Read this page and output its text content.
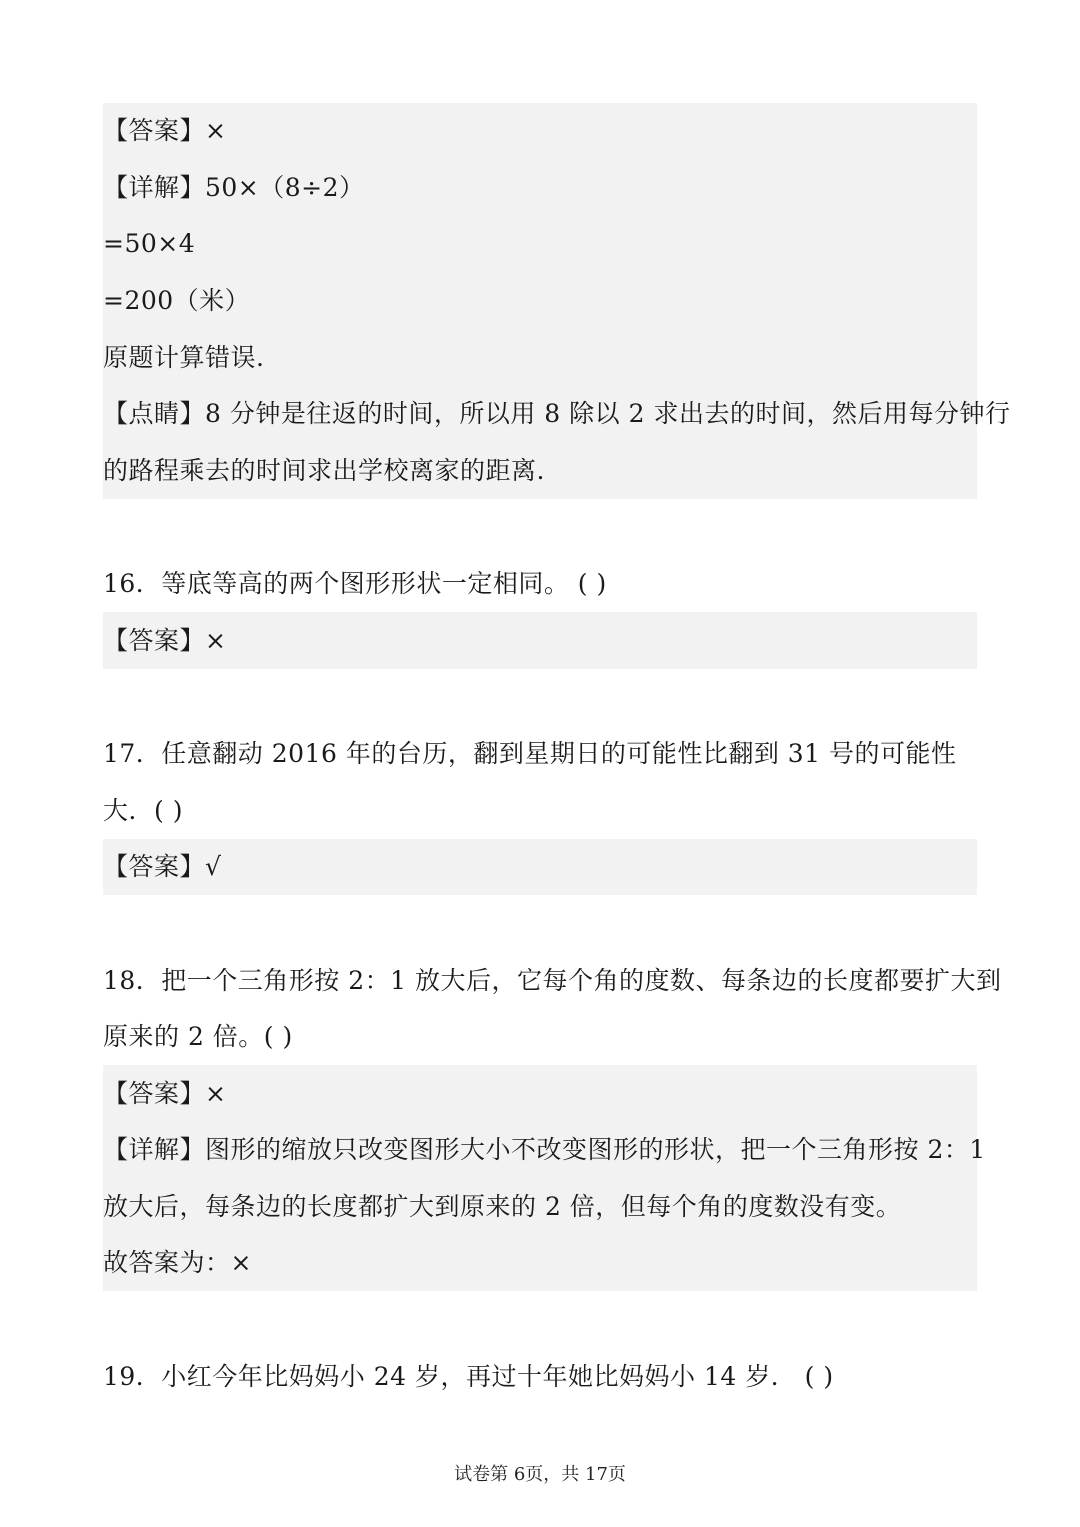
【答案】×
【详解】50×（8÷2）
=50×4
=200（米）
原题计算错误.
【点睛】8 分钟是往返的时间，所以用 8 除以 2 求出去的时间，然后用每分钟行
的路程乘去的时间求出学校离家的距离.
16．等底等高的两个图形形状一定相同。 ( )
【答案】×
17．任意翻动 2016 年的台历，翻到星期日的可能性比翻到 31 号的可能性
大．( )
【答案】√
18．把一个三角形按 2：1 放大后，它每个角的度数、每条边的长度都要扩大到
原来的 2 倍。( )
【答案】×
【详解】图形的缩放只改变图形大小不改变图形的形状，把一个三角形按 2：1
放大后，每条边的长度都扩大到原来的 2 倍，但每个角的度数没有变。
故答案为：×
19．小红今年比妈妈小 24 岁，再过十年她比妈妈小 14 岁． ( )
试卷第 6页，共 17页
